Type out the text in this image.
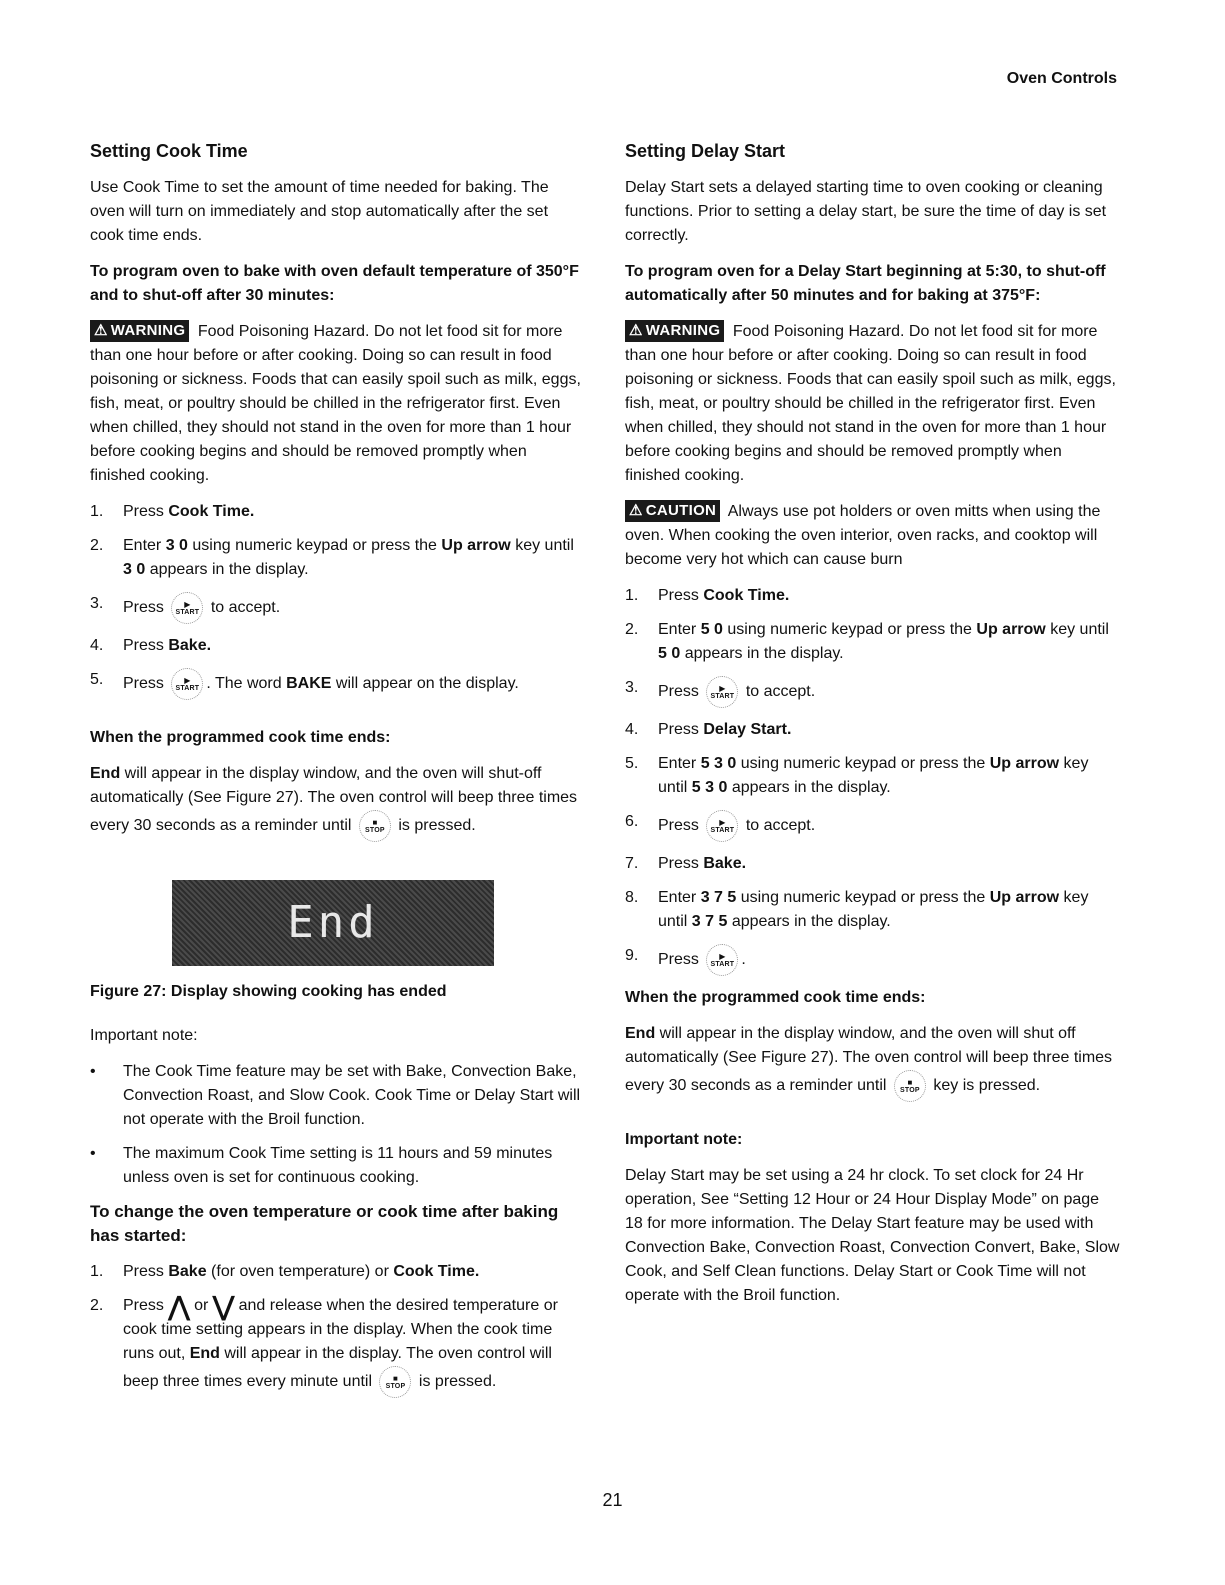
Oven Controls
Setting Cook Time

Use Cook Time to set the amount of time needed for baking. The oven will turn on immediately and stop automatically after the set cook time ends.

To program oven to bake with oven default temperature of 350°F and to shut-off after 30 minutes:

⚠ WARNING Food Poisoning Hazard. Do not let food sit for more than one hour before or after cooking. Doing so can result in food poisoning or sickness. Foods that can easily spoil such as milk, eggs, fish, meat, or poultry should be chilled in the refrigerator first. Even when chilled, they should not stand in the oven for more than 1 hour before cooking begins and should be removed promptly when finished cooking.

1. Press Cook Time.
2. Enter 3 0 using numeric keypad or press the Up arrow key until 3 0 appears in the display.
3. Press	▶
START to accept.
4. Press Bake.
5. Press	▶
START . The word BAKE will appear on the display.
When the programmed cook time ends:

End will appear in the display window, and the oven will shut-off automatically (See Figure 27). The oven control will beep three times every 30 seconds as a reminder until	■
STOP is pressed.

End
Figure 27: Display showing cooking has ended
Important note:
• The Cook Time feature may be set with Bake, Convection Bake, Convection Roast, and Slow Cook. Cook Time or Delay Start will not operate with the Broil function.
• The maximum Cook Time setting is 11 hours and 59 minutes unless oven is set for continuous cooking.
To change the oven temperature or cook time after baking has started:
1. Press Bake (for oven temperature) or Cook Time.
2. Press ⋀ or ⋁ and release when the desired temperature or cook time setting appears in the display. When the cook time runs out, End will appear in the display. The oven control will beep three times every minute until	■
STOP is pressed.
Setting Delay Start

Delay Start sets a delayed starting time to oven cooking or cleaning functions. Prior to setting a delay start, be sure the time of day is set correctly.

To program oven for a Delay Start beginning at 5:30, to shut-off automatically after 50 minutes and for baking at 375°F:

⚠ WARNING Food Poisoning Hazard. Do not let food sit for more than one hour before or after cooking. Doing so can result in food poisoning or sickness. Foods that can easily spoil such as milk, eggs, fish, meat, or poultry should be chilled in the refrigerator first. Even when chilled, they should not stand in the oven for more than 1 hour before cooking begins and should be removed promptly when finished cooking.

⚠ CAUTION Always use pot holders or oven mitts when using the oven. When cooking the oven interior, oven racks, and cooktop will become very hot which can cause burn

1. Press Cook Time.
2. Enter 5 0 using numeric keypad or press the Up arrow key until 5 0 appears in the display.
3. Press	▶
START to accept.
4. Press Delay Start.
5. Enter 5 3 0 using numeric keypad or press the Up arrow key until 5 3 0 appears in the display.
6. Press	▶
START to accept.
7. Press Bake.
8. Enter 3 7 5 using numeric keypad or press the Up arrow key until 3 7 5 appears in the display.
9. Press	▶
START .
When the programmed cook time ends:

End will appear in the display window, and the oven will shut off automatically (See Figure 27). The oven control will beep three times every 30 seconds as a reminder until	■
STOP key is pressed.

Important note:

Delay Start may be set using a 24 hr clock. To set clock for 24 Hr operation, See “Setting 12 Hour or 24 Hour Display Mode” on page 18 for more information. The Delay Start feature may be used with Convection Bake, Convection Roast, Convection Convert, Bake, Slow Cook, and Self Clean functions. Delay Start or Cook Time will not operate with the Broil function.

21
